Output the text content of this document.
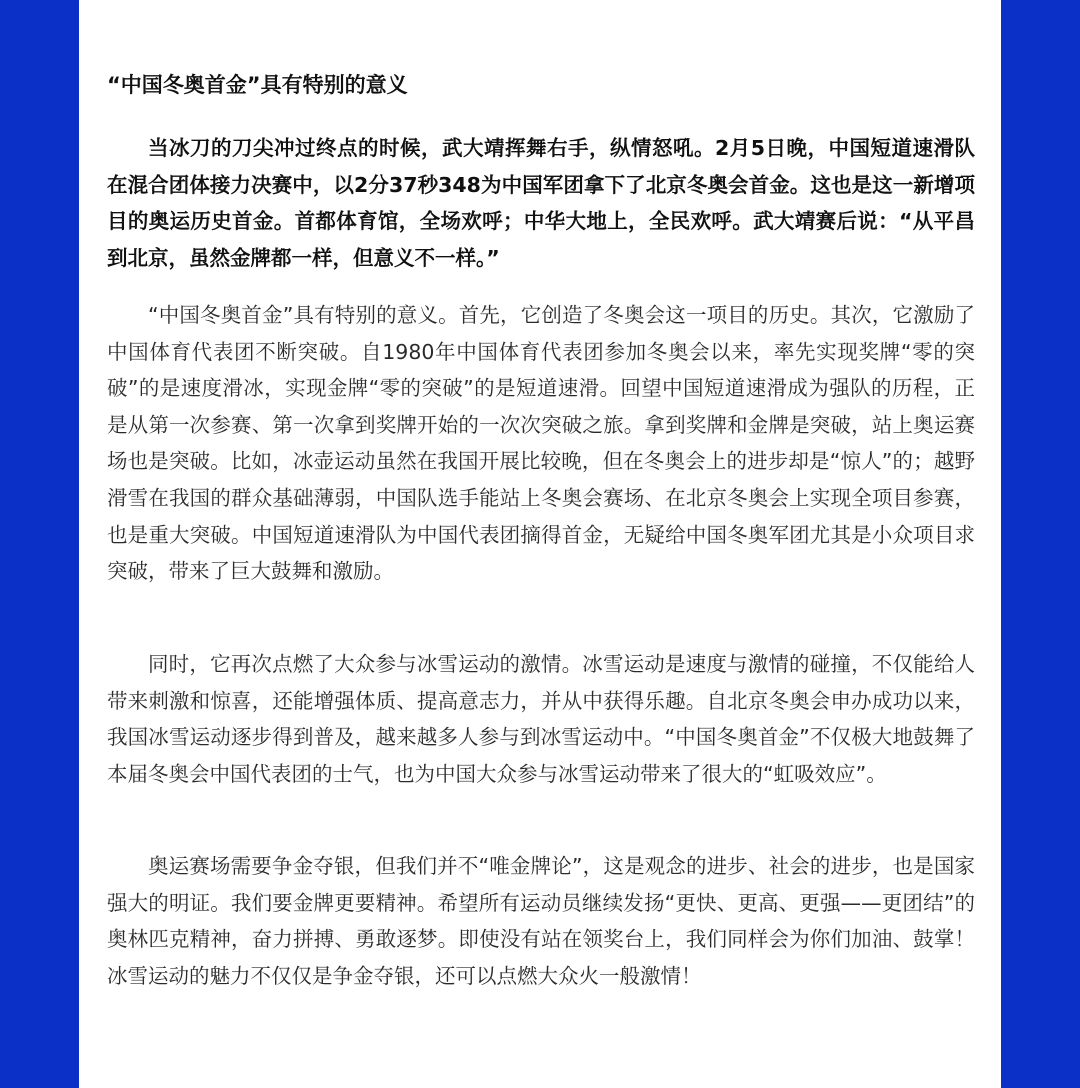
“中国冬奥首金”具有特别的意义

当冰刀的刀尖冲过终点的时候，武大靖挥舞右手，纵情怒吼。2月5日晚，中国短道速滑队在混合团体接力决赛中，以2分37秒348为中国军团拿下了北京冬奥会首金。这也是这一新增项目的奥运历史首金。首都体育馆，全场欢呼；中华大地上，全民欢呼。武大靖赛后说：“从平昌到北京，虽然金牌都一样，但意义不一样。”

“中国冬奥首金”具有特别的意义。首先，它创造了冬奥会这一项目的历史。其次，它激励了中国体育代表团不断突破。自1980年中国体育代表团参加冬奥会以来，率先实现奖牌“零的突破”的是速度滑冰，实现金牌“零的突破”的是短道速滑。回望中国短道速滑成为强队的历程，正是从第一次参赛、第一次拿到奖牌开始的一次次突破之旅。拿到奖牌和金牌是突破，站上奥运赛场也是突破。比如，冰壶运动虽然在我国开展比较晚，但在冬奥会上的进步却是“惊人”的；越野滑雪在我国的群众基础薄弱，中国队选手能站上冬奥会赛场、在北京冬奥会上实现全项目参赛，也是重大突破。中国短道速滑队为中国代表团摘得首金，无疑给中国冬奥军团尤其是小众项目求突破，带来了巨大鼓舞和激励。

同时，它再次点燃了大众参与冰雪运动的激情。冰雪运动是速度与激情的碰撞，不仅能给人带来刺激和惊喜，还能增强体质、提高意志力，并从中获得乐趣。自北京冬奥会申办成功以来，我国冰雪运动逐步得到普及，越来越多人参与到冰雪运动中。“中国冬奥首金”不仅极大地鼓舞了本届冬奥会中国代表团的士气，也为中国大众参与冰雪运动带来了很大的“虹吸效应”。

奥运赛场需要争金夺银，但我们并不“唯金牌论”，这是观念的进步、社会的进步，也是国家强大的明证。我们要金牌更要精神。希望所有运动员继续发扬“更快、更高、更强——更团结”的奥林匹克精神，奋力拼搏、勇敢逐梦。即使没有站在领奖台上，我们同样会为你们加油、鼓掌！冰雪运动的魅力不仅仅是争金夺银，还可以点燃大众火一般激情！
